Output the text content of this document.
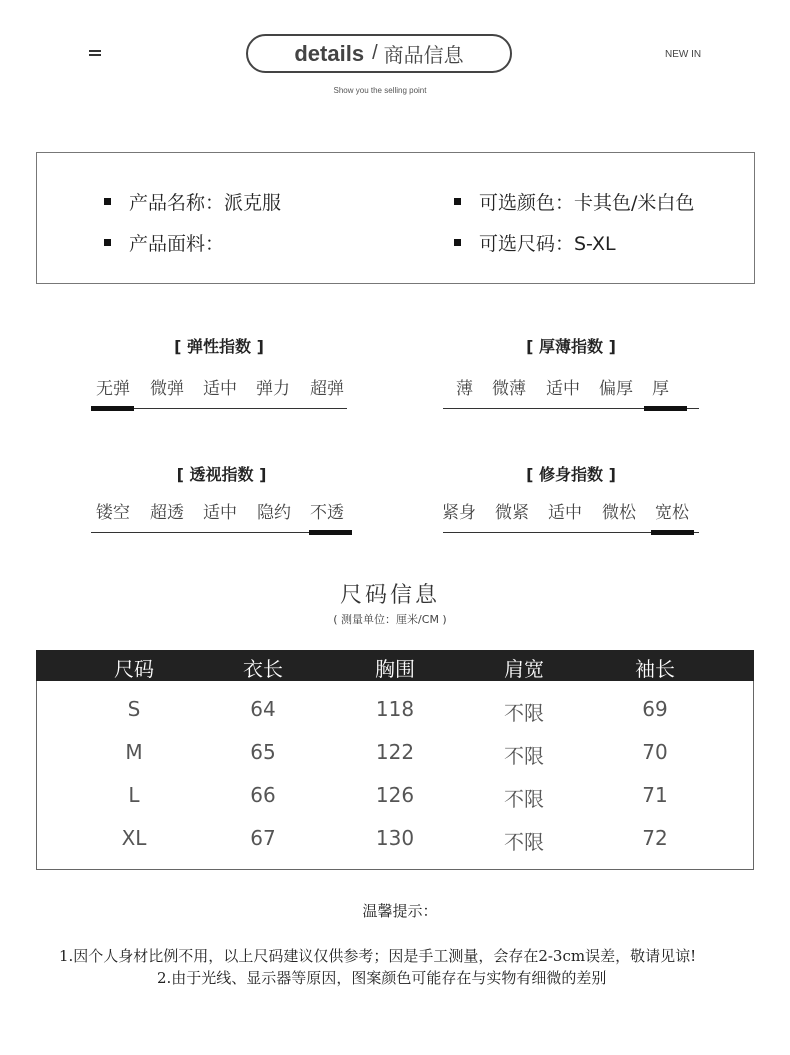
details / 商品信息	NEW IN
Show you the selling point
产品名称：派克服
产品面料：
可选颜色：卡其色/米白色
可选尺码：S-XL
[ 弹性指数 ]
无弹 微弹 适中 弹力 超弹
[ 厚薄指数 ]
薄 微薄 适中 偏厚 厚
[ 透视指数 ]
镂空 超透 适中 隐约 不透
[ 修身指数 ]
紧身 微紧 适中 微松 宽松
尺码信息
( 测量单位：厘米/CM )
尺码	衣长	胸围	肩宽	袖长
S	64	118	不限	69
M	65	122	不限	70
L	66	126	不限	71
XL	67	130	不限	72
温馨提示：
1.因个人身材比例不用，以上尺码建议仅供参考；因是手工测量，会存在2-3cm误差，敬请见谅!
2.由于光线、显示器等原因，图案颜色可能存在与实物有细微的差别
